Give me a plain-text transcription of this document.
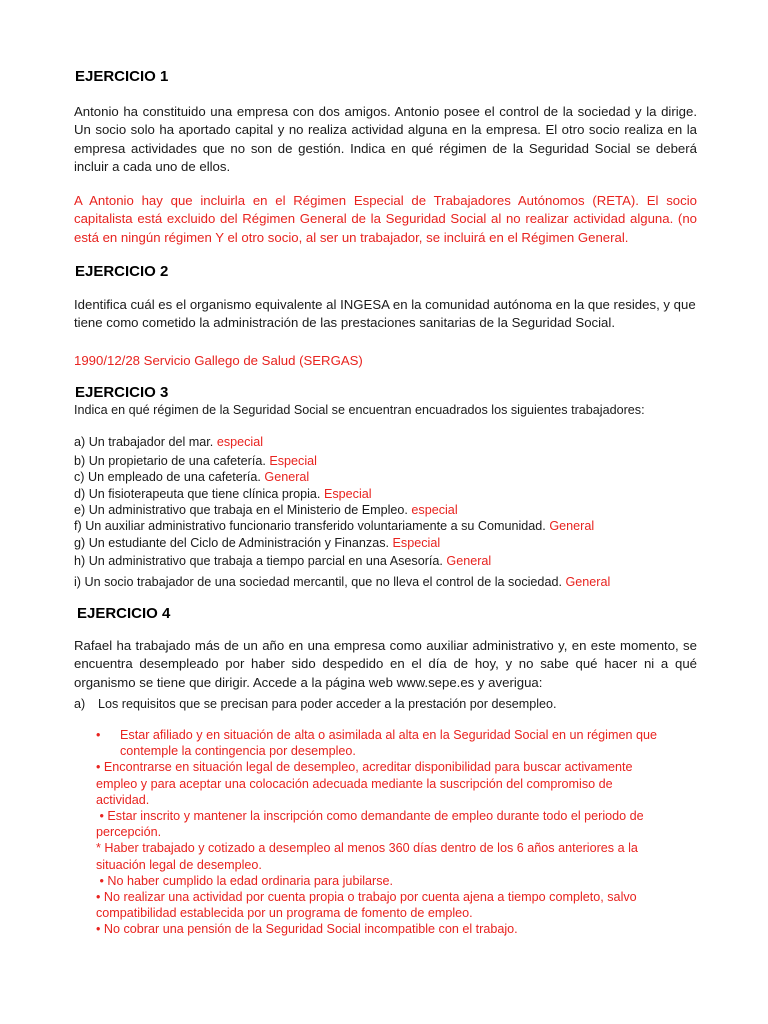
EJERCICIO 1

Antonio ha constituido una empresa con dos amigos. Antonio posee el control de la sociedad y la dirige. Un socio solo ha aportado capital y no realiza actividad alguna en la empresa. El otro socio realiza en la empresa actividades que no son de gestión. Indica en qué régimen de la Seguridad Social se deberá incluir a cada uno de ellos.

A Antonio hay que incluirla en el Régimen Especial de Trabajadores Autónomos (RETA). El socio capitalista está excluido del Régimen General de la Seguridad Social al no realizar actividad alguna. (no está en ningún régimen Y el otro socio, al ser un trabajador, se incluirá en el Régimen General.

EJERCICIO 2

Identifica cuál es el organismo equivalente al INGESA en la comunidad autónoma en la que resides, y que tiene como cometido la administración de las prestaciones sanitarias de la Seguridad Social.

1990/12/28 Servicio Gallego de Salud (SERGAS)

EJERCICIO 3

Indica en qué régimen de la Seguridad Social se encuentran encuadrados los siguientes trabajadores:

a) Un trabajador del mar. especial
b) Un propietario de una cafetería. Especial
c) Un empleado de una cafetería. General
d) Un fisioterapeuta que tiene clínica propia. Especial
e) Un administrativo que trabaja en el Ministerio de Empleo. especial
f) Un auxiliar administrativo funcionario transferido voluntariamente a su Comunidad. General
g) Un estudiante del Ciclo de Administración y Finanzas. Especial
h) Un administrativo que trabaja a tiempo parcial en una Asesoría. General
i) Un socio trabajador de una sociedad mercantil, que no lleva el control de la sociedad. General
EJERCICIO 4

Rafael ha trabajado más de un año en una empresa como auxiliar administrativo y, en este momento, se encuentra desempleado por haber sido despedido en el día de hoy, y no sabe qué hacer ni a qué organismo se tiene que dirigir. Accede a la página web www.sepe.es y averigua:

a) Los requisitos que se precisan para poder acceder a la prestación por desempleo.
• Estar afiliado y en situación de alta o asimilada al alta en la Seguridad Social en un régimen que
contemple la contingencia por desempleo.
• Encontrarse en situación legal de desempleo, acreditar disponibilidad para buscar activamente
empleo y para aceptar una colocación adecuada mediante la suscripción del compromiso de
actividad.
• Estar inscrito y mantener la inscripción como demandante de empleo durante todo el periodo de
percepción.
* Haber trabajado y cotizado a desempleo al menos 360 días dentro de los 6 años anteriores a la
situación legal de desempleo.
• No haber cumplido la edad ordinaria para jubilarse.
• No realizar una actividad por cuenta propia o trabajo por cuenta ajena a tiempo completo, salvo
compatibilidad establecida por un programa de fomento de empleo.
• No cobrar una pensión de la Seguridad Social incompatible con el trabajo.
